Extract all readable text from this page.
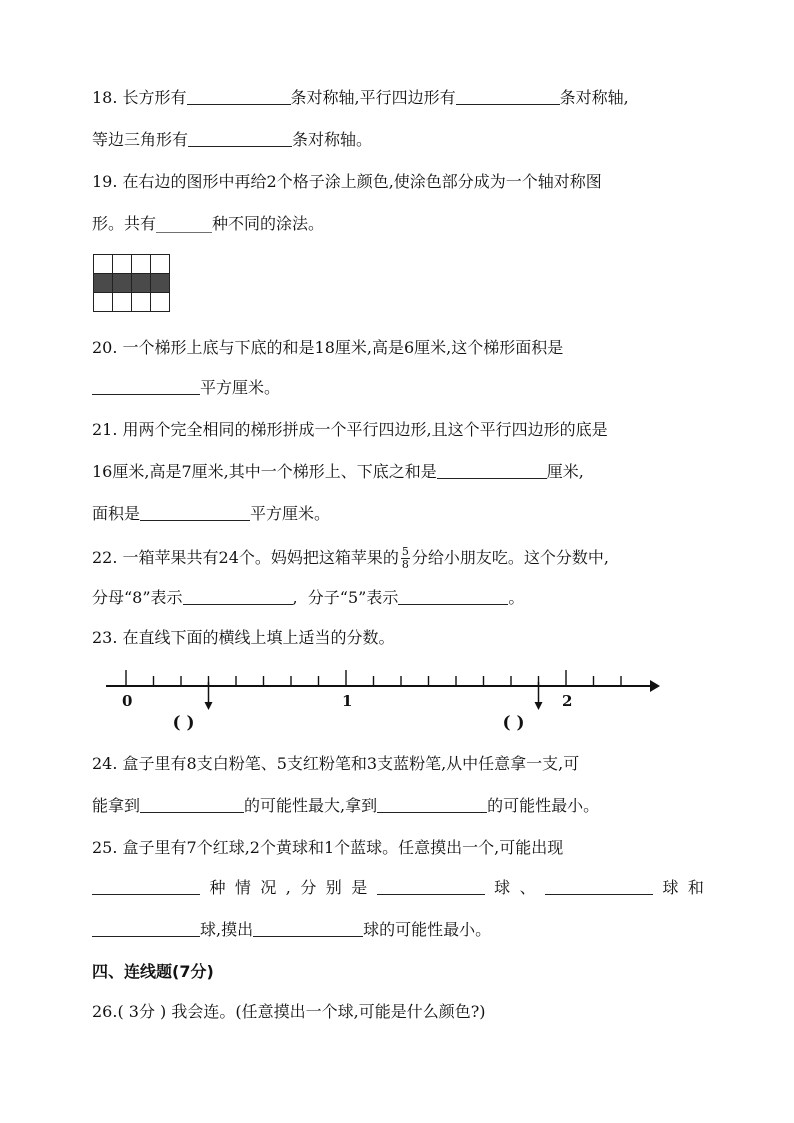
18. 长方形有	条对称轴,平行四边形有	条对称轴,
等边三角形有	条对称轴。
19. 在右边的图形中再给2个格子涂上颜色,使涂色部分成为一个轴对称图
形。共有_______种不同的涂法。
20. 一个梯形上底与下底的和是18厘米,高是6厘米,这个梯形面积是
平方厘米。
21. 用两个完全相同的梯形拼成一个平行四边形,且这个平行四边形的底是
16厘米,高是7厘米,其中一个梯形上、下底之和是	厘米,
面积是	平方厘米。
22. 一箱苹果共有24个。妈妈把这箱苹果的 $\frac{5}{8}$ 分给小朋友吃。这个分数中,
分母“8”表示	,  分子“5”表示	。
23. 在直线下面的横线上填上适当的分数。
0	1	2
( )	( )
24. 盒子里有8支白粉笔、5支红粉笔和3支蓝粉笔,从中任意拿一支,可
能拿到	的可能性最大,拿到	的可能性最小。
25. 盒子里有7个红球,2个黄球和1个蓝球。任意摸出一个,可能出现
种 情 况 , 分 别 是	球 、	球 和
球,摸出	球的可能性最小。
四、连线题(7分)
26.( 3分 ) 我会连。(任意摸出一个球,可能是什么颜色?)
